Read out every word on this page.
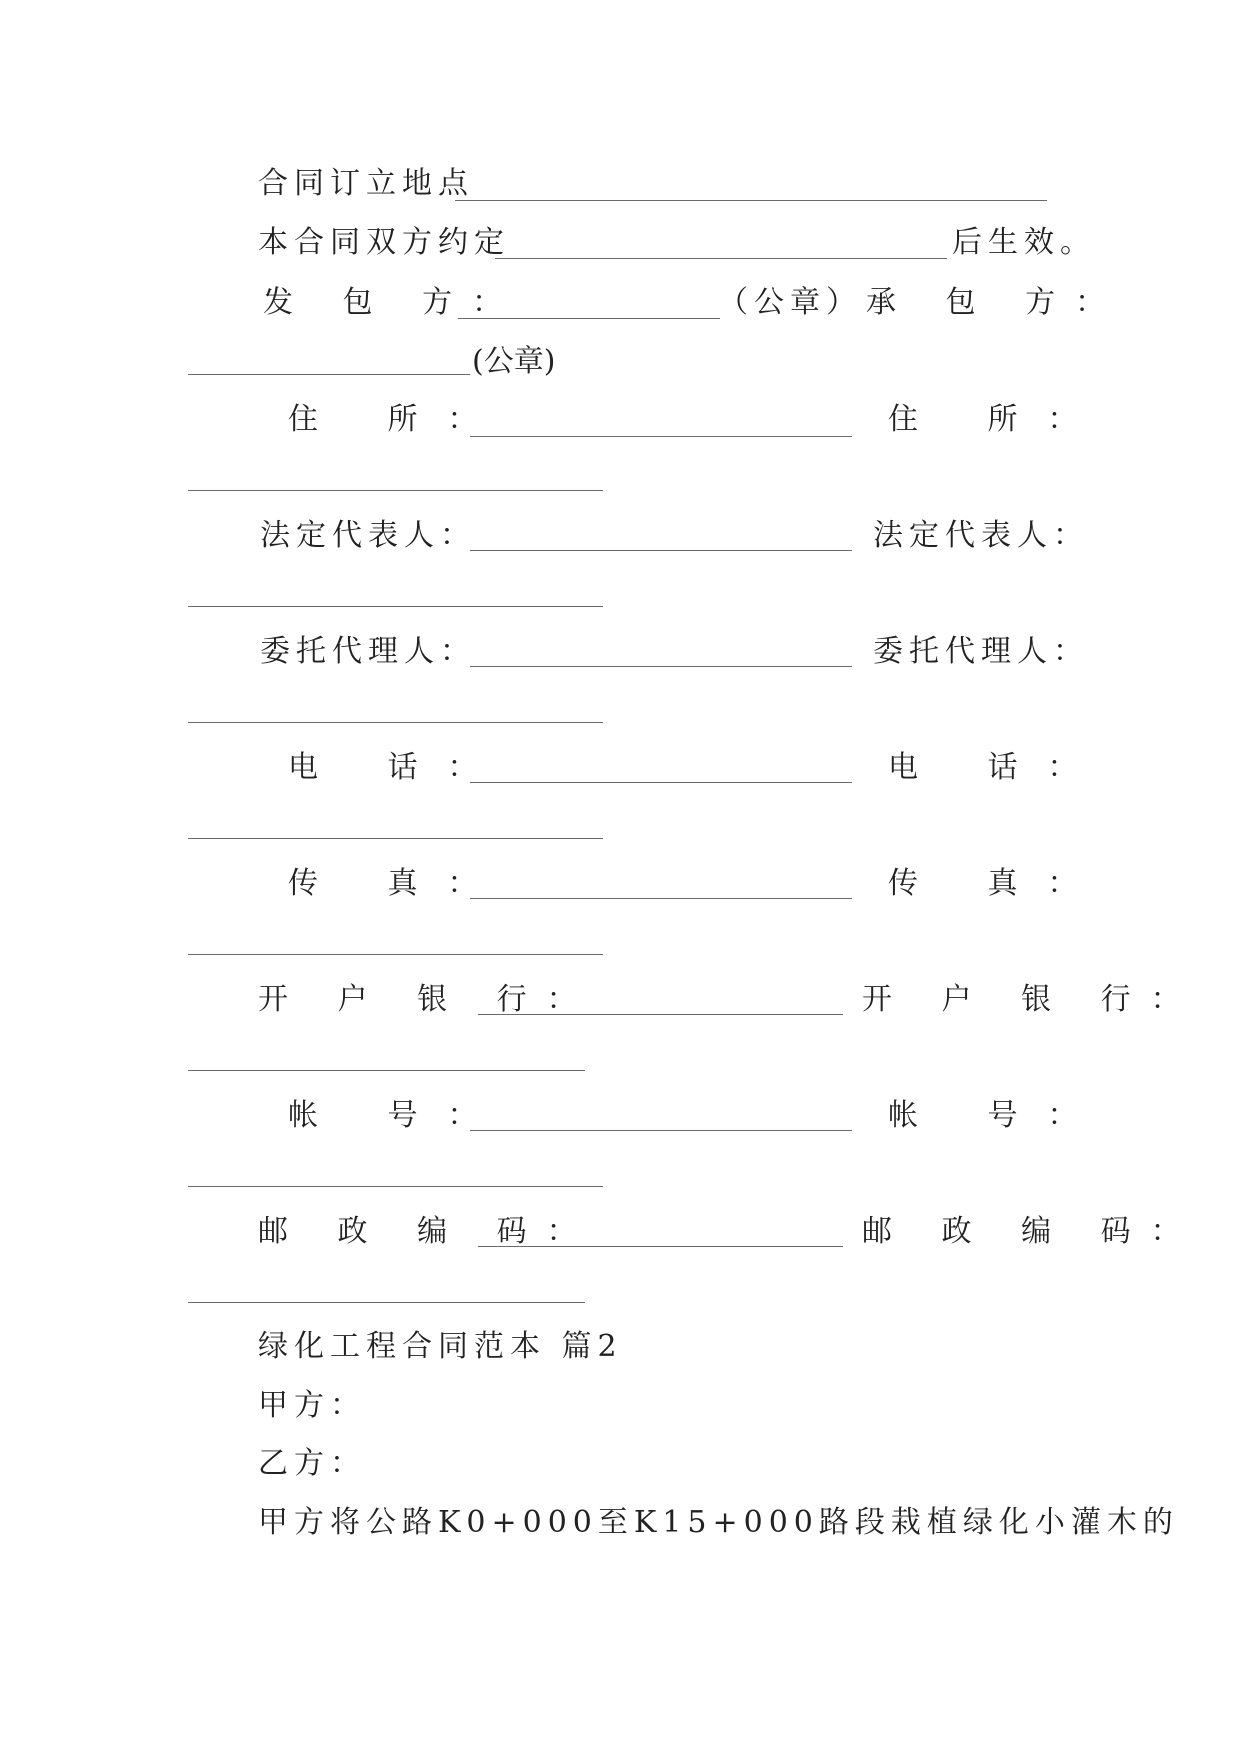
合同订立地点
本合同双方约定	后生效。
发 包 方：	（公章） 承 包 方：
(公章)
住 所：	住 所：
法定代表人：	法定代表人：
委托代理人：	委托代理人：
电 话：	电 话：
传 真：	传 真：
开 户 银 行：	开 户 银 行：
帐 号：	帐 号：
邮 政 编 码：	邮 政 编 码：
绿化工程合同范本 篇2
甲方：
乙方：
甲方将公路K0+000至K15+000路段栽植绿化小灌木的
